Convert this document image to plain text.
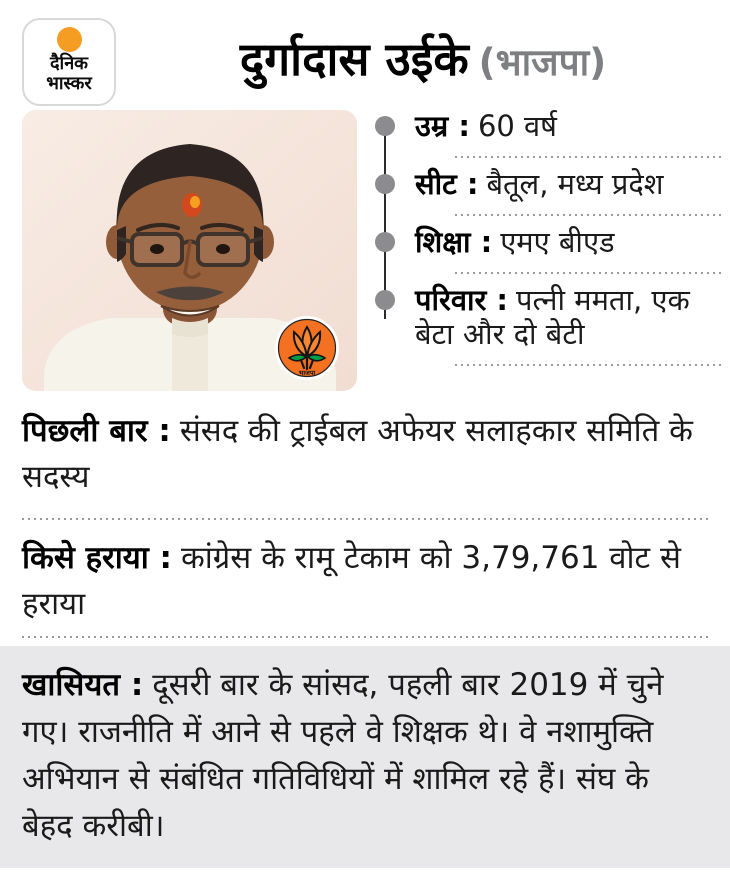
दैनिक
भास्कर	दुर्गादास उईके (भाजपा)
भाजपा
उम्र : 60 वर्ष
सीट : बैतूल, मध्य प्रदेश
शिक्षा : एमए बीएड
परिवार : पत्नी ममता, एक बेटा और दो बेटी
पिछली बार : संसद की ट्राईबल अफेयर सलाहकार समिति के सदस्य
किसे हराया : कांग्रेस के रामू टेकाम को 3,79,761 वोट से हराया
खासियत : दूसरी बार के सांसद, पहली बार 2019 में चुने गए। राजनीति में आने से पहले वे शिक्षक थे। वे नशामुक्ति अभियान से संबंधित गतिविधियों में शामिल रहे हैं। संघ के बेहद करीबी।
